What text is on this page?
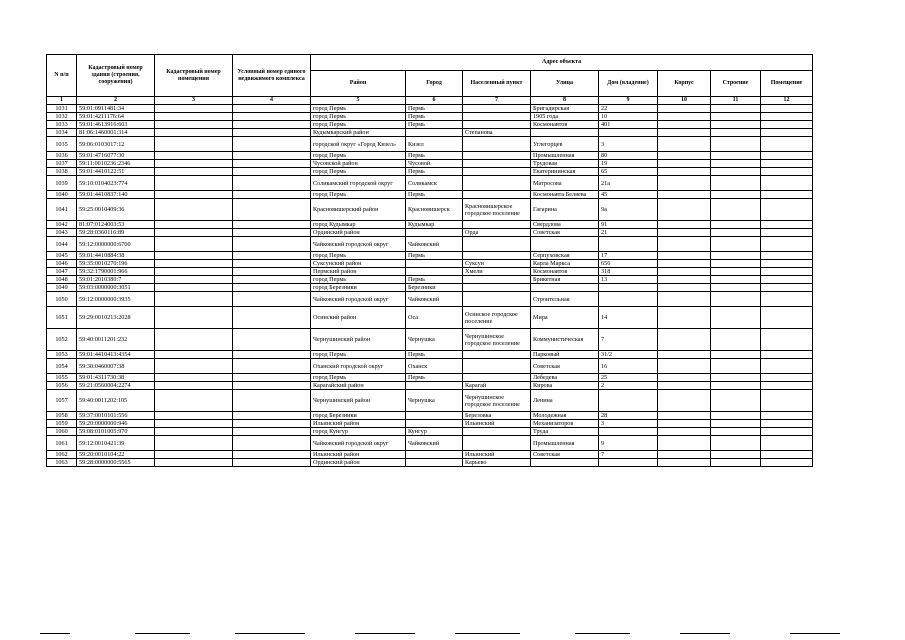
N п/п	Кадастровый номер здания (строения, сооружения)	Кадастровый номер помещения	Условный номер единого недвижимого комплекса	Адрес объекта							
				Район	Город	Населенный пункт	Улица	Дом (владение)	Корпус	Строение	Помещение
1	2	3	4	5	6	7	8	9	10	11	12
1031	59:01:0911481:34			город Пермь	Пермь		Бригадирская	22			
1032	59:01:4211176:64			город Пермь	Пермь		1905 года	10			
1033	59:01:4613916:603			город Пермь	Пермь		Космонавтов	401			
1034	81:06:1460001:314			Кудымкарский район		Степанова					
1035	59:06:0103017:12			городской округ «Город Кизел»	Кизел		Углегорцев	3			
1036	59:01:4716077:30			город Пермь	Пермь		Промышленная	80			
1037	59:11:0010236:2346			Чусовской район	Чусовой		Трудовая	19			
1038	59:01:4410122:51			город Пермь	Пермь		Екатерининская	65			
1039	59:10:0104023:774			Соликамский городской округ	Соликамск		Матросова	21а			
1040	59:01:4410837:140			город Пермь	Пермь		Космонавта Беляева	45			
1041	59:25:0010409:36			Красновишерский район	Красновишерск	Красновишерское городское поселение	Гагарина	9а			
1042	81:07:0124003:53			город Кудымкар	Кудымкар		Свердлова	91			
1043	59:28:0360116:89			Ординский район		Орда	Советская	21			
1044	59:12:0000000:6700			Чайковский городской округ	Чайковский						
1045	59:01:4410884:38			город Пермь	Пермь		Серпуховская	17			
1046	59:35:0010270:196			Суксунский район		Суксун	Карла Маркса	656			
1047	59:32:1790001:966			Пермский район		Хмели	Космонавтов	318			
1048	59:01:2010380:7			город Пермь	Пермь		Брикетная	13			
1049	59:03:0000000:3051			город Березники	Березники						
1050	59:12:0000000:3935			Чайковский городской округ	Чайковский		Строительная				
1051	59:29:0010213:2028			Осинский район	Оса	Осинское городское поселение	Мира	14			
1052	59:40:0011201:232			Чернушинский район	Чернушка	Чернушинское городское поселение	Коммунистическая	7			
1053	59:01:4410413:4354			город Пермь	Пермь		Парковый	31/2			
1054	59:30:0460007:38			Оханский городской округ	Оханск		Советская	16			
1055	59:01:4311730:38			город Пермь	Пермь		Лебедева	25			
1056	59:21:0560004:2274			Карагайский район		Карагай	Кирова	2			
1057	59:40:0011202:105			Чернушинский район	Чернушка	Чернушинское городское поселение	Ленина				
1058	59:37:0010101:556			город Березники		Березовка	Молодежная	28			
1059	59:20:0000000:946			Ильинский район		Ильинский	Механизаторов	3			
1060	59:08:0101005:970			город Кунгур	Кунгур		Труда				
1061	59:12:0010421:39			Чайковский городской округ	Чайковский		Промышленная	9			
1062	59:20:0010104:22			Ильинский район		Ильинский	Советская	7			
1063	59:28:0000000:5565			Ординский район		Карьево					
